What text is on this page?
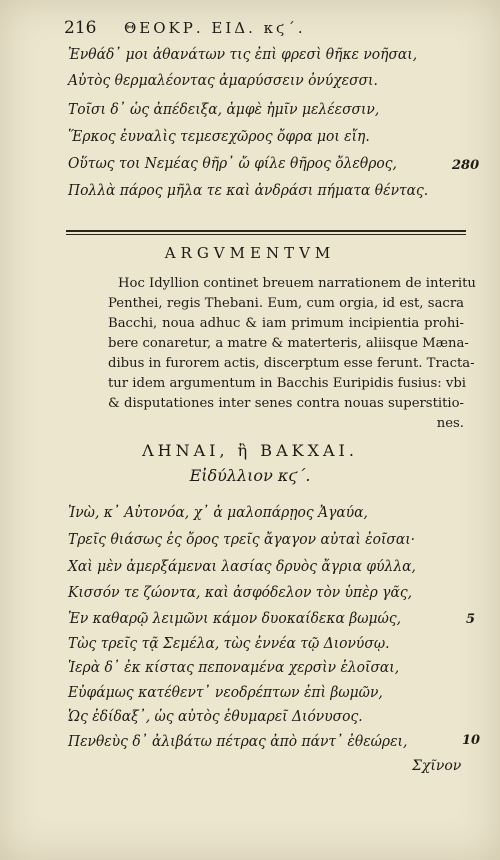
216	ΘΕΟΚΡ. ΕΙΔ. κϛ΄.
Ἐνθάδ᾽ μοι ἀθανάτων τις ἐπὶ φρεσὶ θῆκε νοῆσαι,
Αὐτὸς θερμαλέοντας ἀμαρύσσειν ὀνύχεσσι.
Τοῖσι δ᾽ ὡς ἀπέδειξα, ἀμφὲ ἡμῖν μελέεσσιν,
Ἕρκος ἐυναλὶς τεμεσεχῶρος ὄφρα μοι εἴη.
Οὕτως τοι Νεμέας θῆρ᾽ ὤ φίλε θῆρος ὄλεθρος,
Πολλὰ πάρος μῆλα τε καὶ ἀνδράσι πήματα θέντας.
280
ARGVMENTVM
Hoc Idyllion continet breuem narrationem de interitu
Penthei, regis Thebani. Eum, cum orgia, id est, sacra
Bacchi, noua adhuc & iam primum incipientia prohi-
bere conaretur, a matre & materteris, aliisque Mæna-
dibus in furorem actis, discerptum esse ferunt. Tracta-
tur idem argumentum in Bacchis Euripidis fusius: vbi
& disputationes inter senes contra nouas superstitio-
nes.
ΛΗΝΑΙ, ἢ ΒΑΚΧΑΙ.
Εἰδύλλιον κϛ΄.
Ἰνὼ, κ᾽ Αὐτονόα, χ᾽ ἁ μαλοπάρῃος Ἀγαύα,
Τρεῖς θιάσως ἐς ὄρος τρεῖς ἄγαγον αὐταὶ ἐοῖσαι·
Χαὶ μὲν ἀμερξάμεναι λασίας δρυὸς ἄγρια φύλλα,
Κισσόν τε ζώοντα, καὶ ἀσφόδελον τὸν ὑπὲρ γᾶς,
Ἐν καθαρῷ λειμῶνι κάμον δυοκαίδεκα βωμώς,
Τὼς τρεῖς τᾷ Σεμέλα, τὼς ἐννέα τῷ Διονύσῳ.
Ἱερὰ δ᾽ ἐκ κίστας πεποναμένα χερσὶν ἑλοῖσαι,
Εὐφάμως κατέθεντ᾽ νεοδρέπτων ἐπὶ βωμῶν,
Ὡς ἐδίδαξ᾽, ὡς αὐτὸς ἐθυμαρεῖ Διόνυσος.
Πενθεὺς δ᾽ ἀλιβάτω πέτρας ἀπὸ πάντ᾽ ἐθεώρει,
5
10
Σχῖνον
